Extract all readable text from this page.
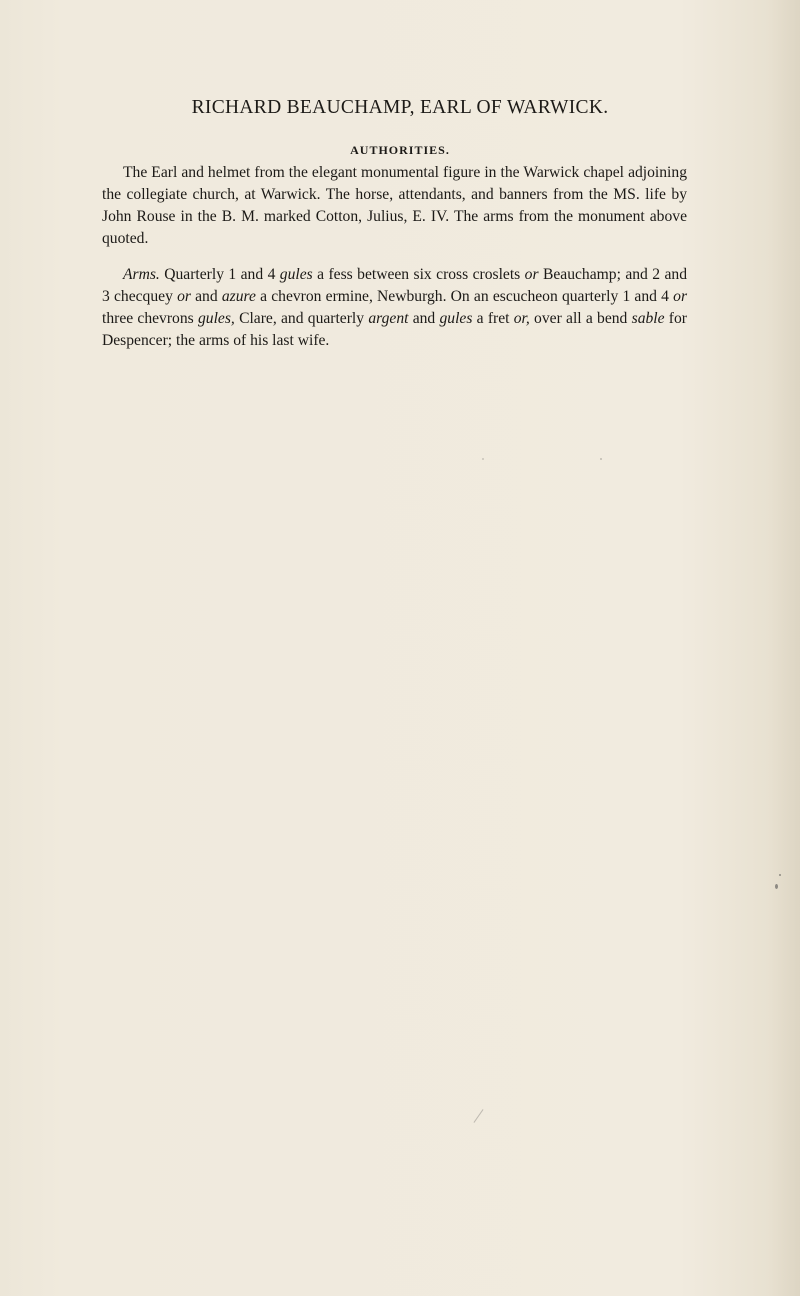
RICHARD BEAUCHAMP, EARL OF WARWICK.
AUTHORITIES.

The Earl and helmet from the elegant monumental figure in the Warwick chapel adjoining the collegiate church, at Warwick. The horse, attendants, and banners from the MS. life by John Rouse in the B. M. marked Cotton, Julius, E. IV. The arms from the monument above quoted.

Arms. Quarterly 1 and 4 gules a fess between six cross croslets or Beauchamp; and 2 and 3 checquey or and azure a chevron ermine, Newburgh. On an escucheon quarterly 1 and 4 or three chevrons gules, Clare, and quarterly argent and gules a fret or, over all a bend sable for Despencer; the arms of his last wife.
